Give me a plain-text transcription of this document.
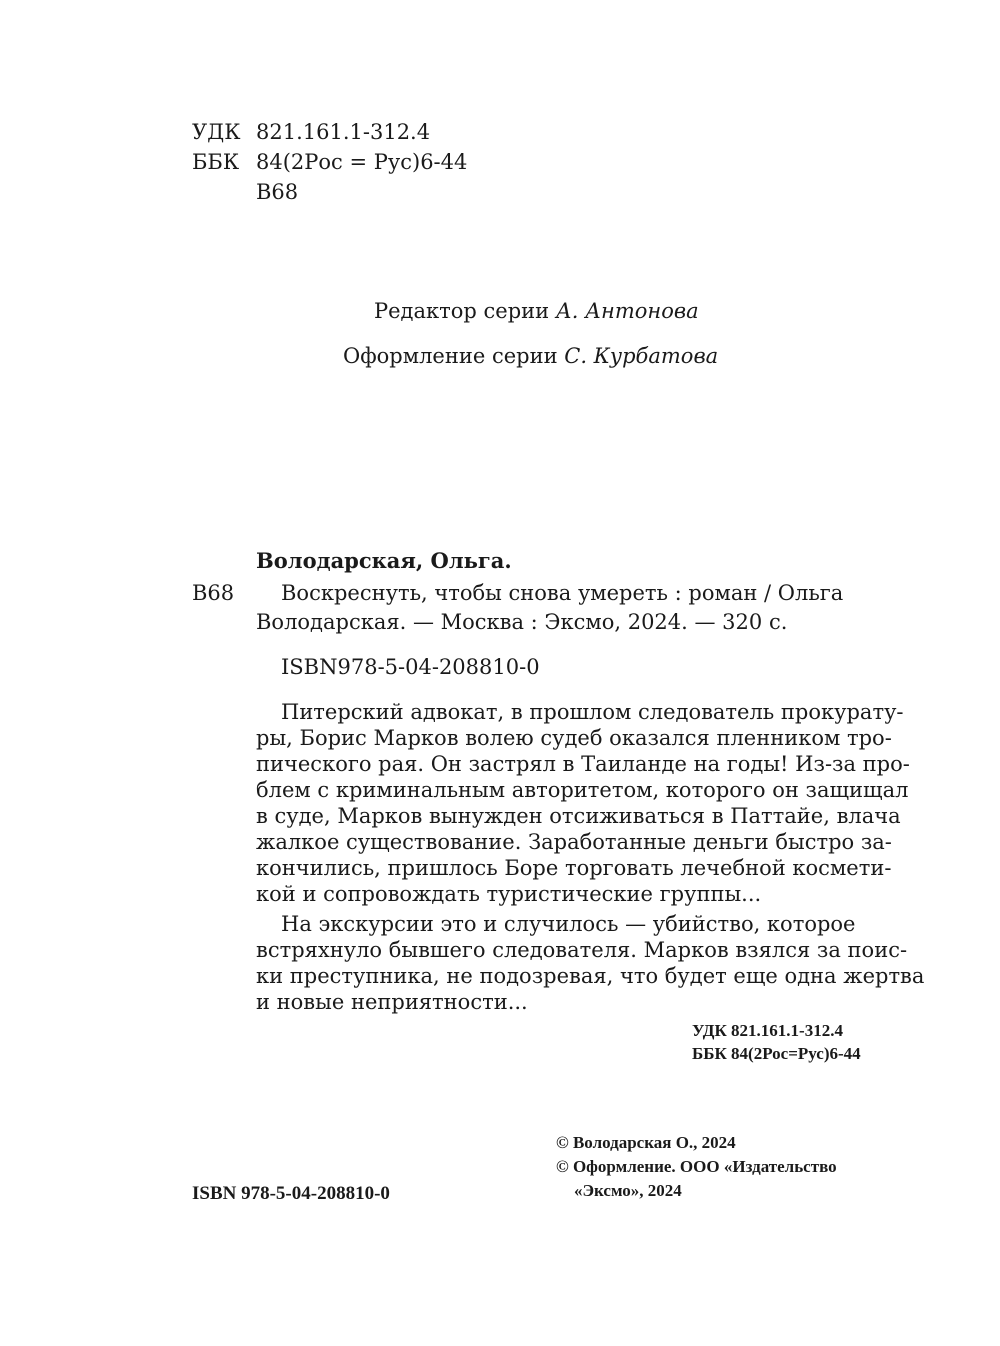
УДК 821.161.1-312.4
ББК 84(2Рос = Рус)6-44
В68
Редактор серии А. Антонова
Оформление серии С. Курбатова
Володарская, Ольга.
В68 Воскреснуть, чтобы снова умереть : роман / Ольга
Володарская. — Москва : Эксмо, 2024. — 320 с.
ISBN978-5-04-208810-0
Питерский адвокат, в прошлом следователь прокурату-
ры, Борис Марков волею судеб оказался пленником тро-
пического рая. Он застрял в Таиланде на годы! Из-за про-
блем с криминальным авторитетом, которого он защищал
в суде, Марков вынужден отсиживаться в Паттайе, влача
жалкое существование. Заработанные деньги быстро за-
кончились, пришлось Боре торговать лечебной космети-
кой и сопровождать туристические группы...
На экскурсии это и случилось — убийство, которое
встряхнуло бывшего следователя. Марков взялся за поис-
ки преступника, не подозревая, что будет еще одна жертва
и новые неприятности...
УДК 821.161.1-312.4
ББК 84(2Рос=Рус)6-44
© Володарская О., 2024
© Оформление. ООО «Издательство
«Эксмо», 2024
ISBN 978-5-04-208810-0
